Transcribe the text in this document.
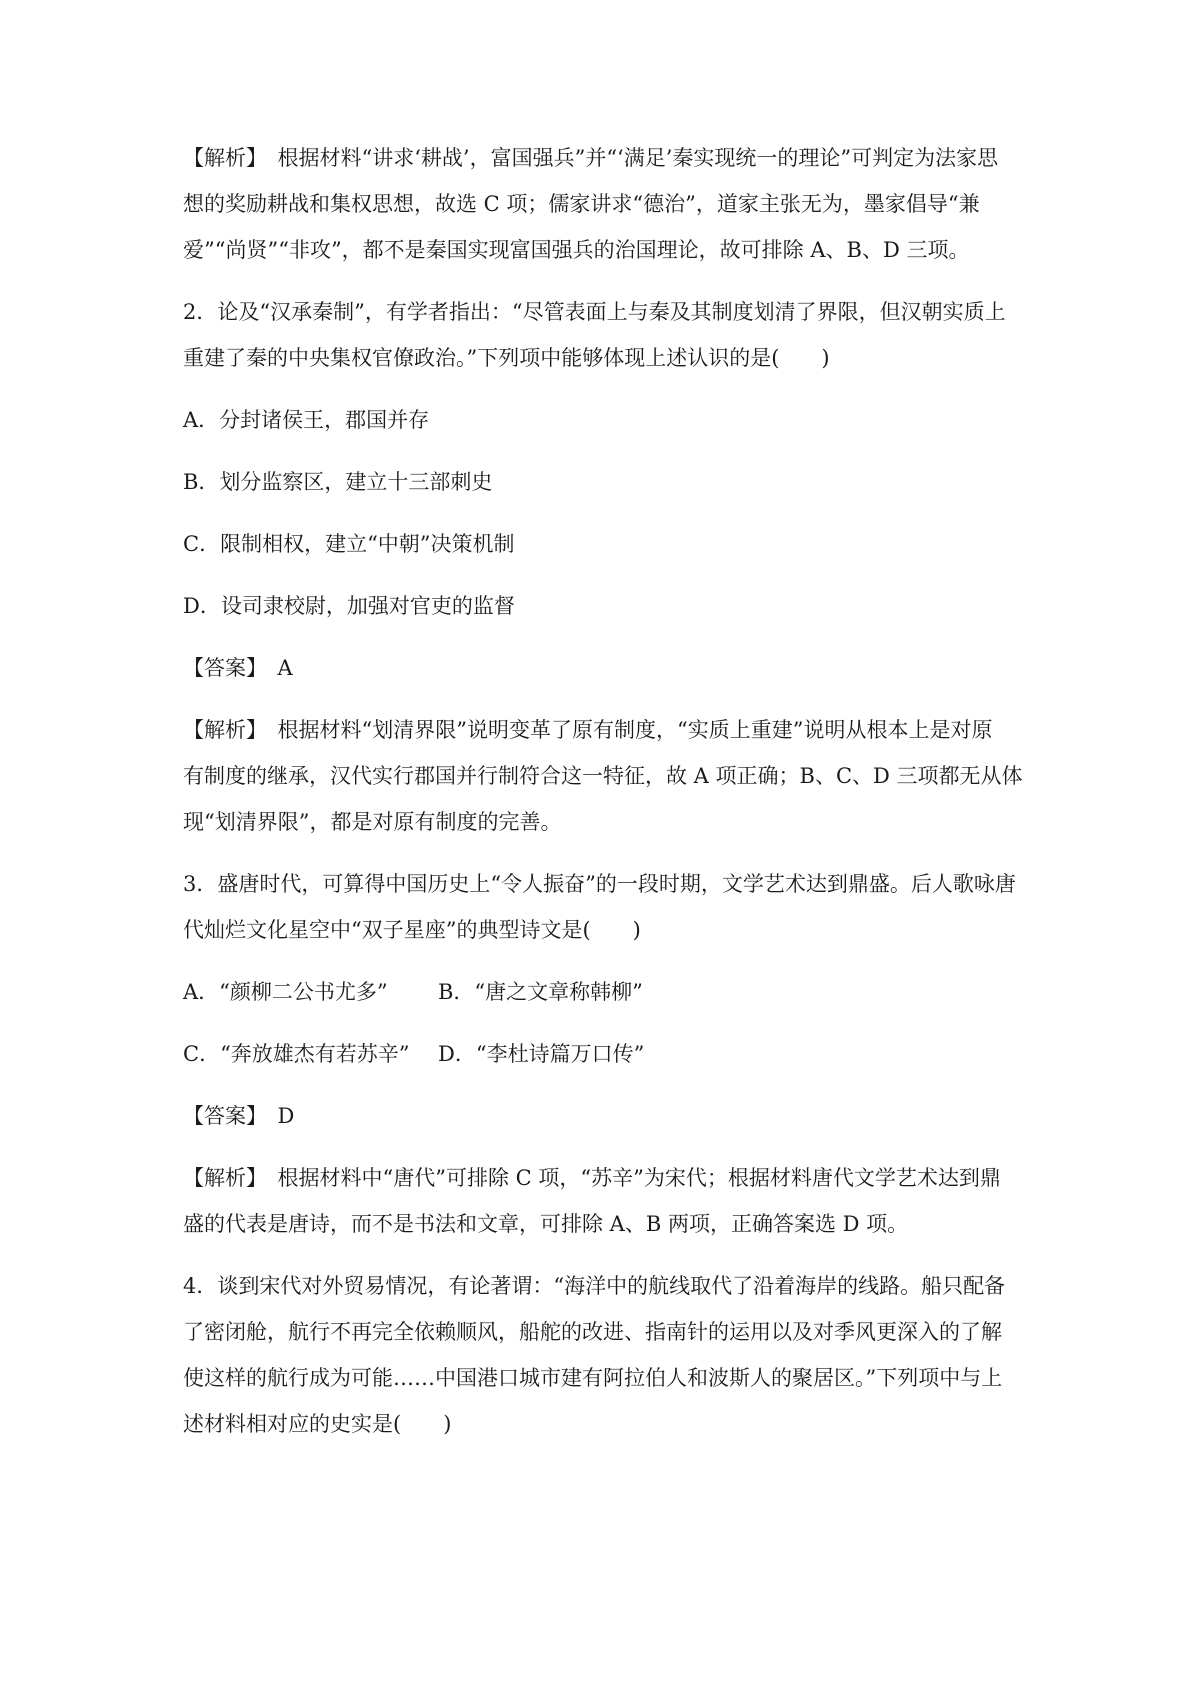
【解析】　根据材料“讲求‘耕战’，富国强兵”并“‘满足’秦实现统一的理论”可判定为法家思
想的奖励耕战和集权思想，故选 C 项；儒家讲求“德治”，道家主张无为，墨家倡导“兼
爱”“尚贤”“非攻”，都不是秦国实现富国强兵的治国理论，故可排除 A、B、D 三项。
2．论及“汉承秦制”，有学者指出：“尽管表面上与秦及其制度划清了界限，但汉朝实质上
重建了秦的中央集权官僚政治。”下列项中能够体现上述认识的是(　　)
A．分封诸侯王，郡国并存
B．划分监察区，建立十三部刺史
C．限制相权，建立“中朝”决策机制
D．设司隶校尉，加强对官吏的监督
【答案】　A
【解析】　根据材料“划清界限”说明变革了原有制度，“实质上重建”说明从根本上是对原
有制度的继承，汉代实行郡国并行制符合这一特征，故 A 项正确；B、C、D 三项都无从体
现“划清界限”，都是对原有制度的完善。
3．盛唐时代，可算得中国历史上“令人振奋”的一段时期，文学艺术达到鼎盛。后人歌咏唐
代灿烂文化星空中“双子星座”的典型诗文是(　　)
A．“颜柳二公书尤多” B．“唐之文章称韩柳”
C．“奔放雄杰有若苏辛” D．“李杜诗篇万口传”
【答案】　D
【解析】　根据材料中“唐代”可排除 C 项，“苏辛”为宋代；根据材料唐代文学艺术达到鼎
盛的代表是唐诗，而不是书法和文章，可排除 A、B 两项，正确答案选 D 项。
4．谈到宋代对外贸易情况，有论著谓：“海洋中的航线取代了沿着海岸的线路。船只配备
了密闭舱，航行不再完全依赖顺风，船舵的改进、指南针的运用以及对季风更深入的了解
使这样的航行成为可能……中国港口城市建有阿拉伯人和波斯人的聚居区。”下列项中与上
述材料相对应的史实是(　　)
